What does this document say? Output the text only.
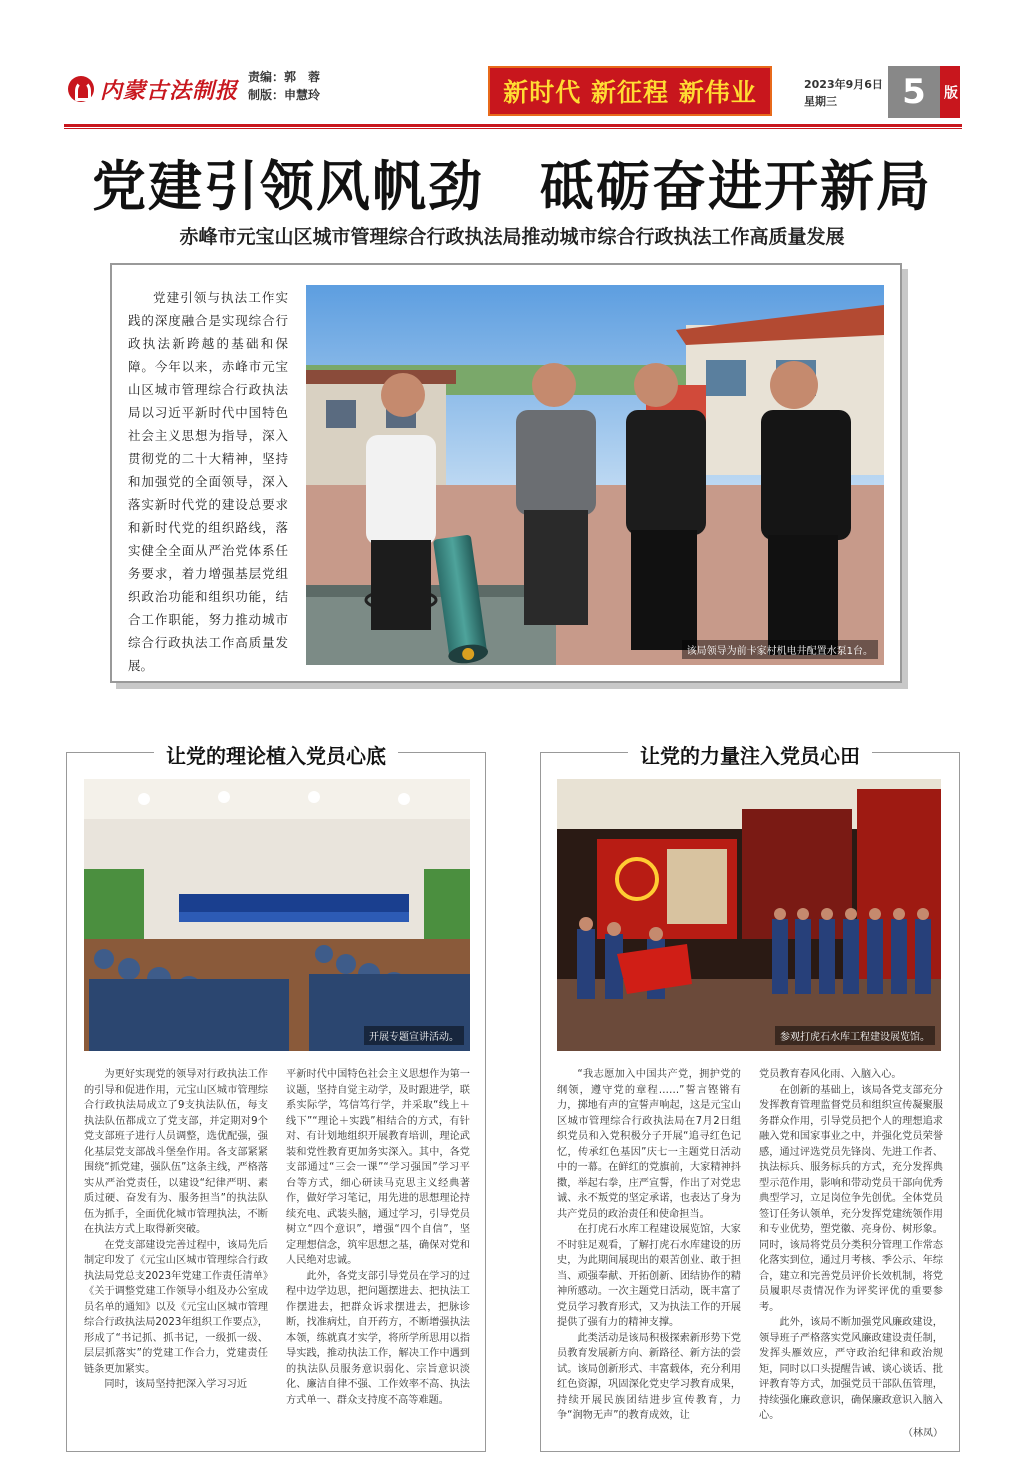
内蒙古法制报
责编：郭　蓉
制版：申慧玲	新时代 新征程 新伟业	2023年9月6日
星期三	5	版
党建引领风帆劲　砥砺奋进开新局
赤峰市元宝山区城市管理综合行政执法局推动城市综合行政执法工作高质量发展

党建引领与执法工作实践的深度融合是实现综合行政执法新跨越的基础和保障。今年以来，赤峰市元宝山区城市管理综合行政执法局以习近平新时代中国特色社会主义思想为指导，深入贯彻党的二十大精神，坚持和加强党的全面领导，深入落实新时代党的建设总要求和新时代党的组织路线，落实健全全面从严治党体系任务要求，着力增强基层党组织政治功能和组织功能，结合工作职能，努力推动城市综合行政执法工作高质量发展。

该局领导为前卡家村机电井配置水泵1台。
让党的理论植入党员心底
开展专题宣讲活动。

为更好实现党的领导对行政执法工作的引导和促进作用，元宝山区城市管理综合行政执法局成立了9支执法队伍，每支执法队伍都成立了党支部，并定期对9个党支部班子进行人员调整，选优配强，强化基层党支部战斗堡垒作用。各支部紧紧围绕“抓党建，强队伍”这条主线，严格落实从严治党责任，以建设“纪律严明、素质过硬、奋发有为、服务担当”的执法队伍为抓手，全面优化城市管理执法，不断在执法方式上取得新突破。

在党支部建设完善过程中，该局先后制定印发了《元宝山区城市管理综合行政执法局党总支2023年党建工作责任清单》《关于调整党建工作领导小组及办公室成员名单的通知》以及《元宝山区城市管理综合行政执法局2023年组织工作要点》，形成了“书记抓、抓书记，一级抓一级、层层抓落实”的党建工作合力，党建责任链条更加紧实。

同时，该局坚持把深入学习习近

平新时代中国特色社会主义思想作为第一议题，坚持自觉主动学，及时跟进学，联系实际学，笃信笃行学，并采取“线上＋线下”“理论＋实践”相结合的方式，有针对、有计划地组织开展教育培训，理论武装和党性教育更加务实深入。其中，各党支部通过“三会一课”“学习强国”学习平台等方式，细心研读马克思主义经典著作，做好学习笔记，用先进的思想理论持续充电、武装头脑，通过学习，引导党员树立“四个意识”，增强“四个自信”，坚定理想信念，筑牢思想之基，确保对党和人民绝对忠诚。

此外，各党支部引导党员在学习的过程中边学边思，把问题摆进去、把执法工作摆进去，把群众诉求摆进去，把脉诊断，找准病灶，自开药方，不断增强执法本领，练就真才实学，将所学所思用以指导实践，推动执法工作，解决工作中遇到的执法队员服务意识弱化、宗旨意识淡化、廉洁自律不强、工作效率不高、执法方式单一、群众支持度不高等难题。

让党的力量注入党员心田
参观打虎石水库工程建设展览馆。

“我志愿加入中国共产党，拥护党的纲领，遵守党的章程……”誓言铿锵有力，掷地有声的宣誓声响起，这是元宝山区城市管理综合行政执法局在7月2日组织党员和入党积极分子开展“追寻红色记忆，传承红色基因”庆七一主题党日活动中的一幕。在鲜红的党旗前，大家精神抖擞，举起右拳，庄严宣誓，作出了对党忠诚、永不叛党的坚定承诺，也表达了身为共产党员的政治责任和使命担当。

在打虎石水库工程建设展览馆，大家不时驻足观看，了解打虎石水库建设的历史，为此期间展现出的艰苦创业、敢于担当、顽强奉献、开拓创新、团结协作的精神所感动。一次主题党日活动，既丰富了党员学习教育形式，又为执法工作的开展提供了强有力的精神支撑。

此类活动是该局积极探索新形势下党员教育发展新方向、新路径、新方法的尝试。该局创新形式、丰富载体，充分利用红色资源，巩固深化党史学习教育成果，持续开展民族团结进步宣传教育，力争“润物无声”的教育成效，让

党员教育春风化雨、入脑入心。

在创新的基础上，该局各党支部充分发挥教育管理监督党员和组织宣传凝聚服务群众作用，引导党员把个人的理想追求融入党和国家事业之中，并强化党员荣誉感，通过评选党员先锋岗、先进工作者、执法标兵、服务标兵的方式，充分发挥典型示范作用，影响和带动党员干部向优秀典型学习，立足岗位争先创优。全体党员签订任务认领单，充分发挥党建统领作用和专业优势，塑党徽、亮身份、树形象。同时，该局将党员分类积分管理工作常态化落实到位，通过月考核、季公示、年综合，建立和完善党员评价长效机制，将党员履职尽责情况作为评奖评优的重要参考。

此外，该局不断加强党风廉政建设，领导班子严格落实党风廉政建设责任制，发挥头雁效应，严守政治纪律和政治规矩，同时以口头提醒告诫、谈心谈话、批评教育等方式，加强党员干部队伍管理，持续强化廉政意识，确保廉政意识入脑入心。

（林凤）
